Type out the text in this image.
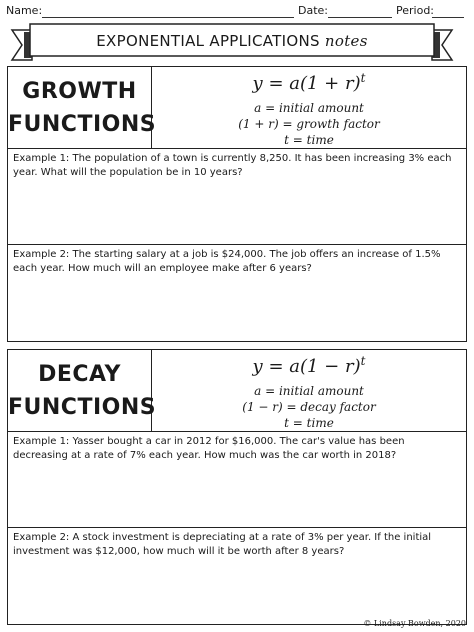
Name:	Date:	Period:
EXPONENTIAL APPLICATIONS notes
GROWTH
FUNCTIONS
$y = a(1 + r)^t$
a = initial amount
(1 + r) = growth factor
t = time
Example 1: The population of a town is currently 8,250. It has been increasing 3% each year. What will the population be in 10 years?
Example 2: The starting salary at a job is $24,000. The job offers an increase of 1.5% each year. How much will an employee make after 6 years?
DECAY
FUNCTIONS
$y = a(1 - r)^t$
a = initial amount
(1 − r) = decay factor
t = time
Example 1: Yasser bought a car in 2012 for $16,000. The car's value has been decreasing at a rate of 7% each year. How much was the car worth in 2018?
Example 2: A stock investment is depreciating at a rate of 3% per year. If the initial investment was $12,000, how much will it be worth after 8 years?
© Lindsay Bowden, 2020
